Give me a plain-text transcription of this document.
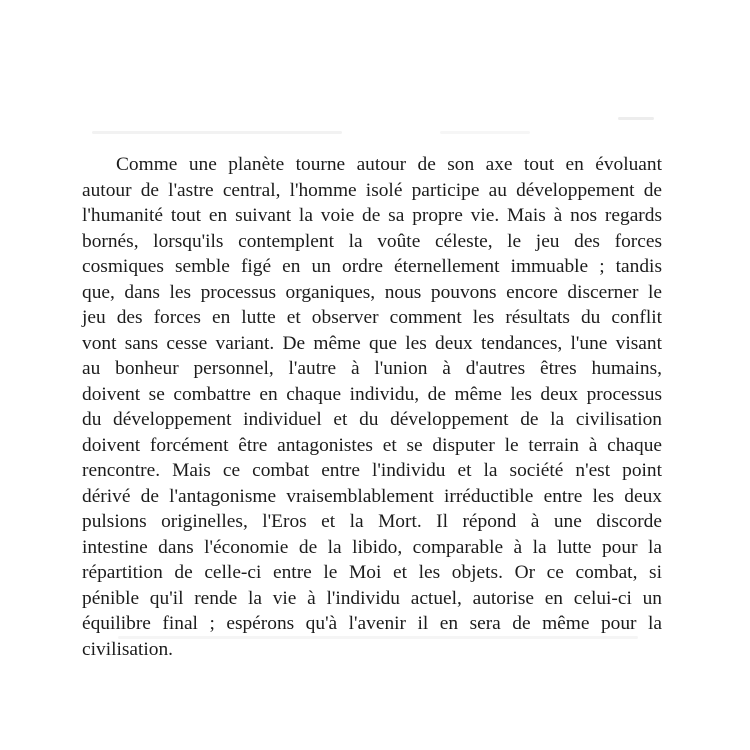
Comme une planète tourne autour de son axe tout en évoluant
autour de l'astre central, l'homme isolé participe au développement de
l'humanité tout en suivant la voie de sa propre vie. Mais à nos regards
bornés, lorsqu'ils contemplent la voûte céleste, le jeu des forces
cosmiques semble figé en un ordre éternellement immuable ; tandis
que, dans les processus organiques, nous pouvons encore discerner le
jeu des forces en lutte et observer comment les résultats du conflit
vont sans cesse variant. De même que les deux tendances, l'une visant
au bonheur personnel, l'autre à l'union à d'autres êtres humains,
doivent se combattre en chaque individu, de même les deux processus
du développement individuel et du développement de la civilisation
doivent forcément être antagonistes et se disputer le terrain à chaque
rencontre. Mais ce combat entre l'individu et la société n'est point
dérivé de l'antagonisme vraisemblablement irréductible entre les deux
pulsions originelles, l'Eros et la Mort. Il répond à une discorde
intestine dans l'économie de la libido, comparable à la lutte pour la
répartition de celle-ci entre le Moi et les objets. Or ce combat, si
pénible qu'il rende la vie à l'individu actuel, autorise en celui-ci un
équilibre final ; espérons qu'à l'avenir il en sera de même pour la
civilisation.
